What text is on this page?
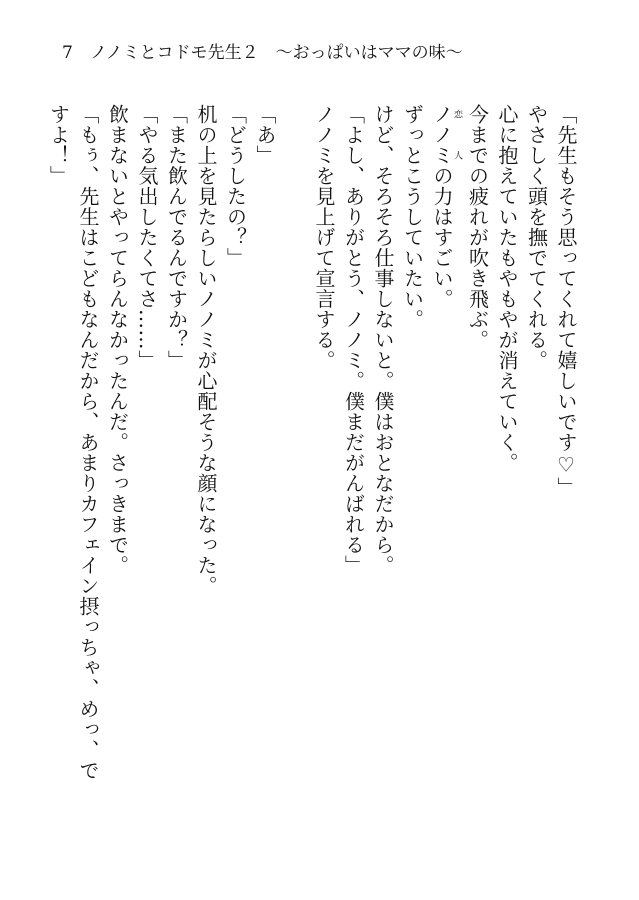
7	ノノミとコドモ先生２　〜おっぱいはママの味〜
「先生もそう思ってくれて嬉しいです♡」
やさしく頭を撫でてくれる。
心に抱えていたもやもやが消えていく。
今までの疲れが吹き飛ぶ。
ノノミ恋　人の力はすごい。
ずっとこうしていたい。
けど、そろそろ仕事しないと。僕はおとなだから。
「よし、ありがとう、ノノミ。僕まだがんばれる」
ノノミを見上げて宣言する。

「あ」
「どうしたの？」
机の上を見たらしいノノミが心配そうな顔になった。
「また飲んでるんですか？」
「やる気出したくてさ……」
飲まないとやってらんなかったんだ。さっきまで。
「もぅ、先生はこどもなんだから、あまりカフェイン摂っちゃ、めっ、ですよ！」
